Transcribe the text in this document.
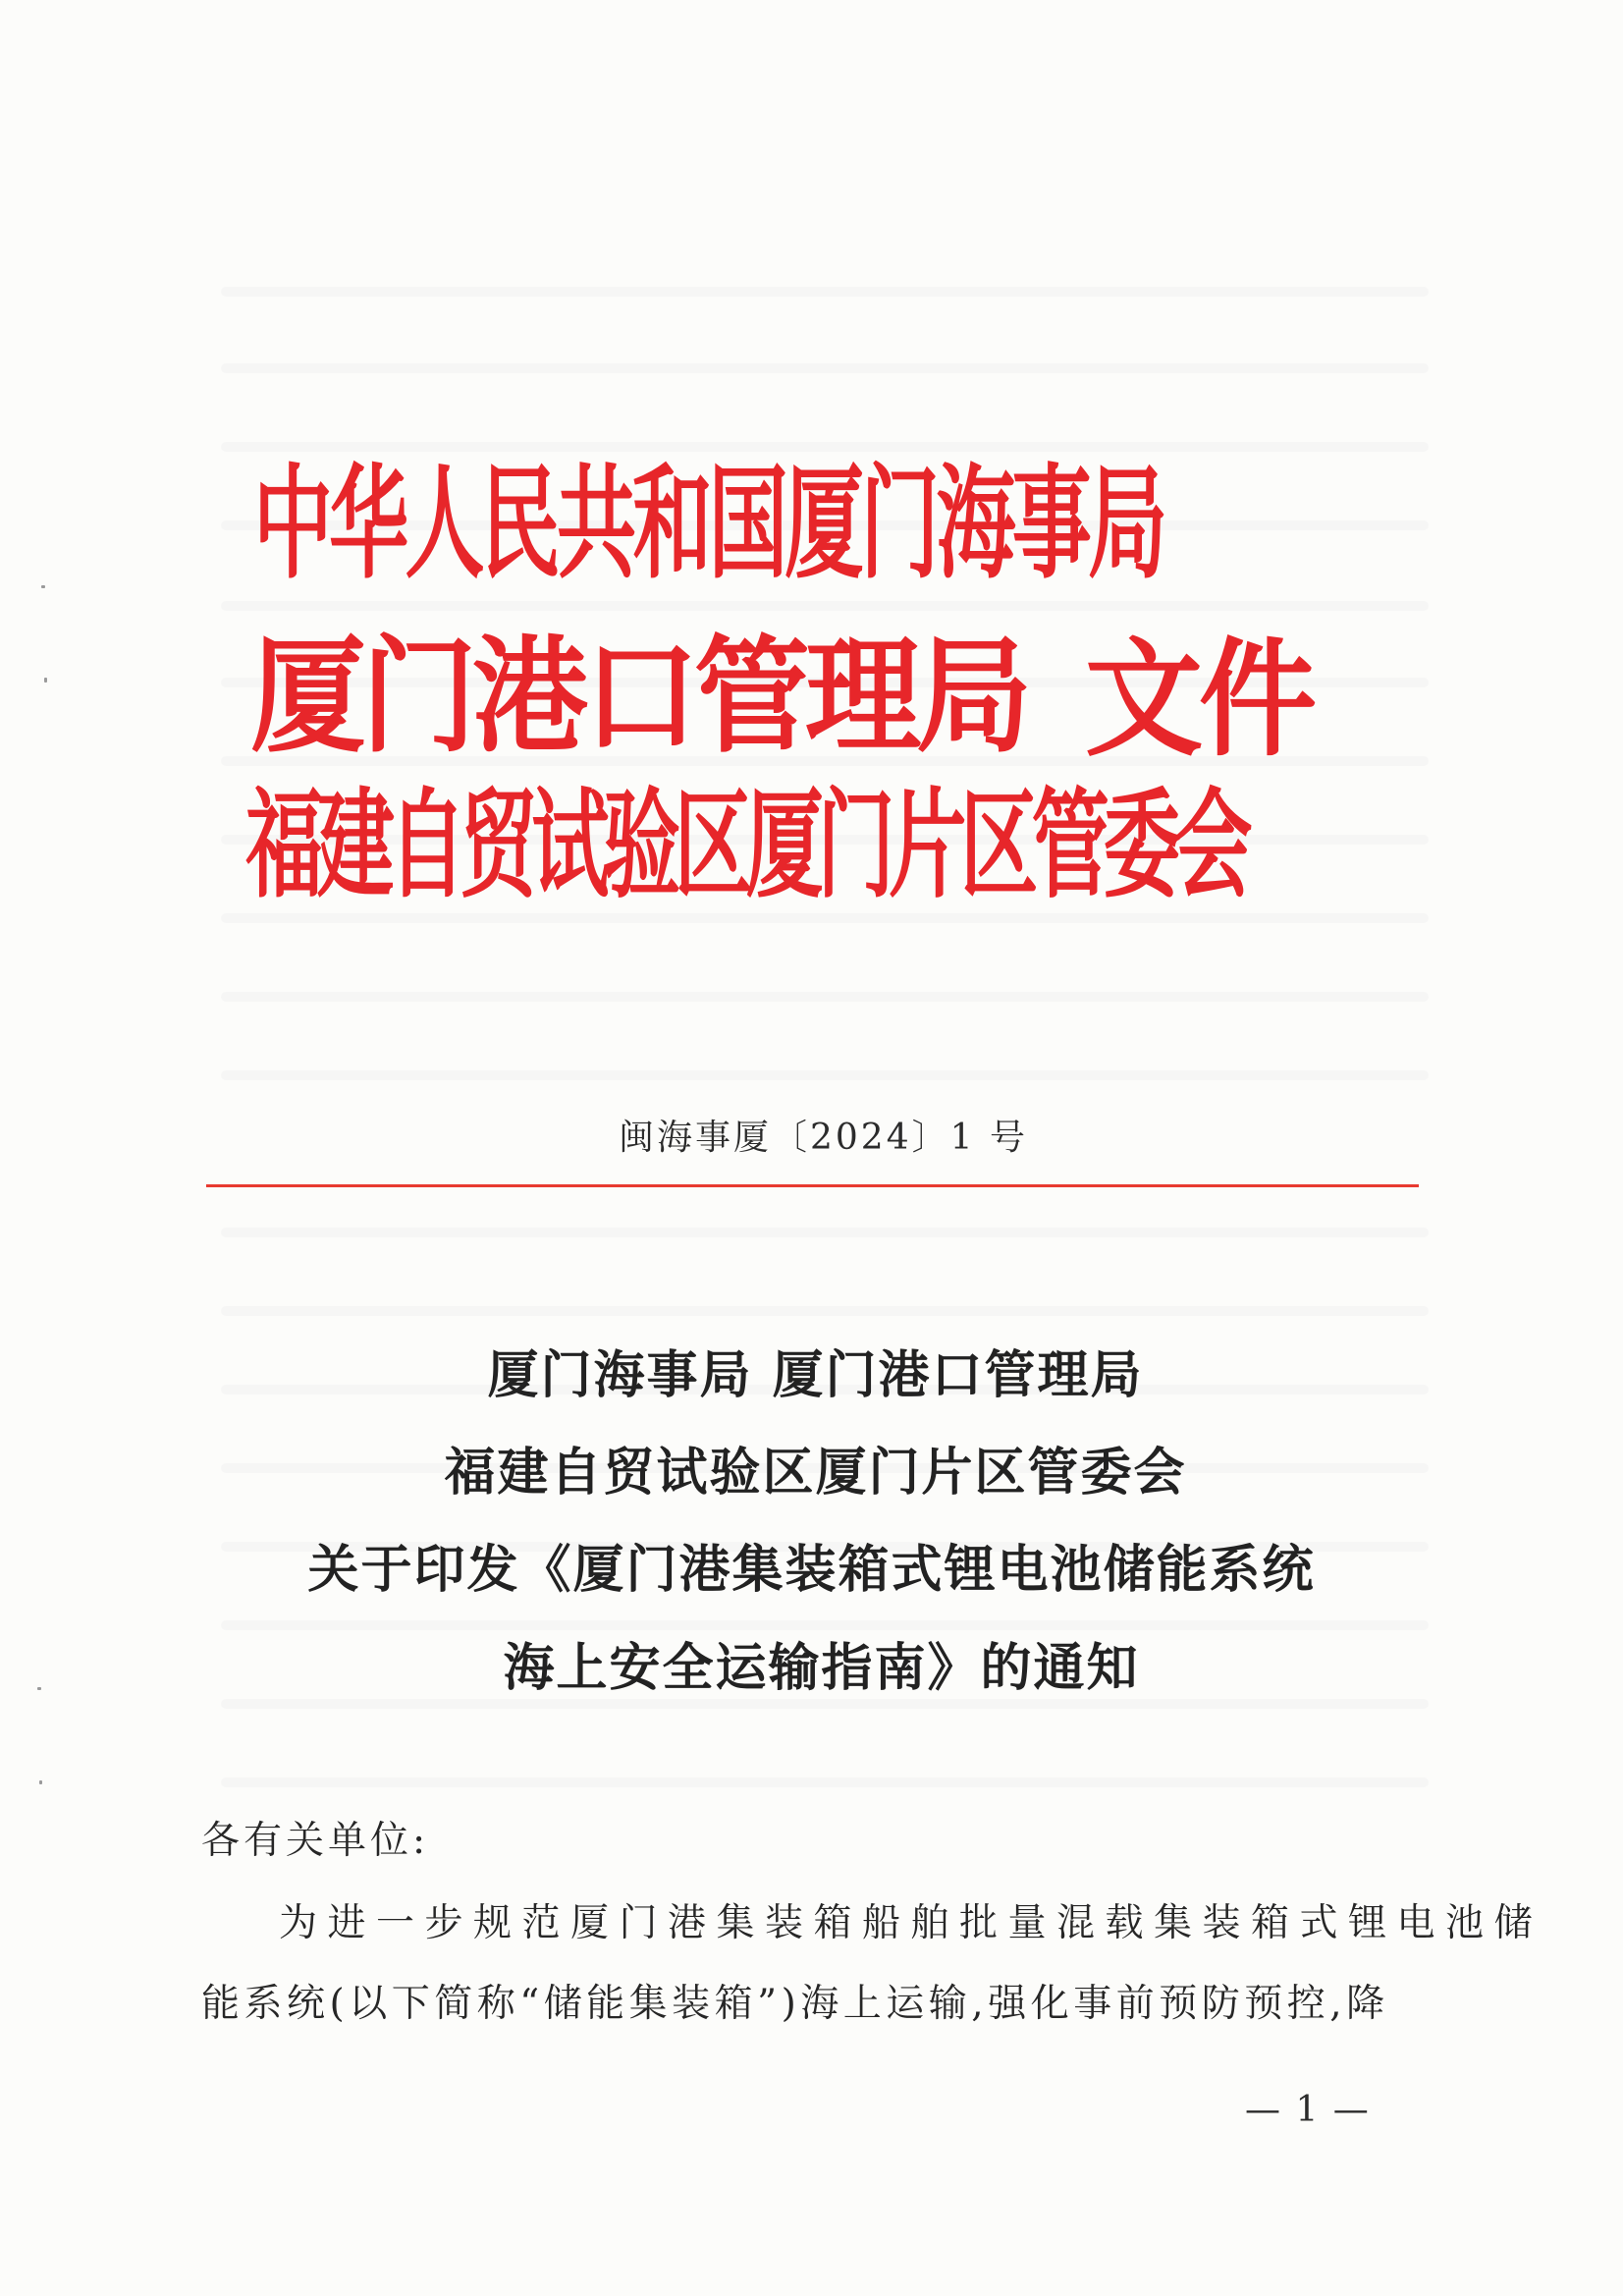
中华人民共和国厦门海事局
厦门港口管理局 文件
福建自贸试验区厦门片区管委会

闽海事厦〔2024〕1 号

厦门海事局 厦门港口管理局
福建自贸试验区厦门片区管委会
关于印发《厦门港集装箱式锂电池储能系统
海上安全运输指南》的通知

各有关单位:

为进一步规范厦门港集装箱船舶批量混载集装箱式锂电池储

能系统(以下简称“储能集装箱”)海上运输,强化事前预防预控,降

— 1 —
